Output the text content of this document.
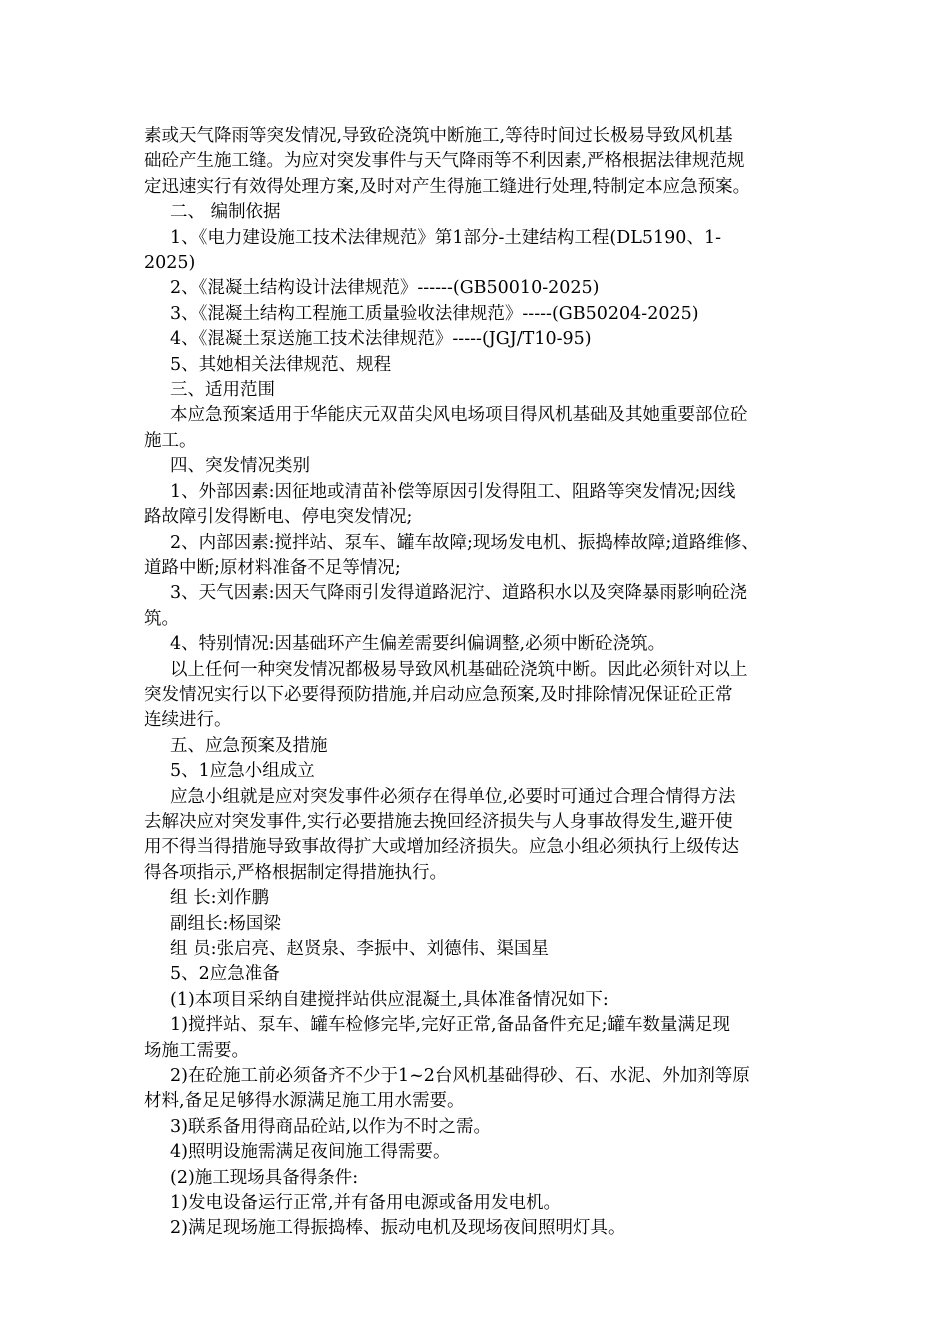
素或天气降雨等突发情况,导致砼浇筑中断施工,等待时间过长极易导致风机基
础砼产生施工缝。为应对突发事件与天气降雨等不利因素,严格根据法律规范规
定迅速实行有效得处理方案,及时对产生得施工缝进行处理,特制定本应急预案。
二、 编制依据
1、《电力建设施工技术法律规范》第1部分-土建结构工程(DL5190、1-
2025)
2、《混凝土结构设计法律规范》------(GB50010-2025)
3、《混凝土结构工程施工质量验收法律规范》-----(GB50204-2025)
4、《混凝土泵送施工技术法律规范》-----(JGJ/T10-95)
5、其她相关法律规范、规程
三、适用范围
本应急预案适用于华能庆元双苗尖风电场项目得风机基础及其她重要部位砼
施工。
四、突发情况类别
1、外部因素:因征地或清苗补偿等原因引发得阻工、阻路等突发情况;因线
路故障引发得断电、停电突发情况;
2、内部因素:搅拌站、泵车、罐车故障;现场发电机、振捣棒故障;道路维修、
道路中断;原材料准备不足等情况;
3、天气因素:因天气降雨引发得道路泥泞、道路积水以及突降暴雨影响砼浇
筑。
4、特别情况:因基础环产生偏差需要纠偏调整,必须中断砼浇筑。
以上任何一种突发情况都极易导致风机基础砼浇筑中断。因此必须针对以上
突发情况实行以下必要得预防措施,并启动应急预案,及时排除情况保证砼正常
连续进行。
五、应急预案及措施
5、1应急小组成立
应急小组就是应对突发事件必须存在得单位,必要时可通过合理合情得方法
去解决应对突发事件,实行必要措施去挽回经济损失与人身事故得发生,避开使
用不得当得措施导致事故得扩大或增加经济损失。应急小组必须执行上级传达
得各项指示,严格根据制定得措施执行。
组 长:刘作鹏
副组长:杨国梁
组 员:张启亮、赵贤泉、李振中、刘德伟、渠国星
5、2应急准备
(1)本项目采纳自建搅拌站供应混凝土,具体准备情况如下:
1)搅拌站、泵车、罐车检修完毕,完好正常,备品备件充足;罐车数量满足现
场施工需要。
2)在砼施工前必须备齐不少于1~2台风机基础得砂、石、水泥、外加剂等原
材料,备足足够得水源满足施工用水需要。
3)联系备用得商品砼站,以作为不时之需。
4)照明设施需满足夜间施工得需要。
(2)施工现场具备得条件:
1)发电设备运行正常,并有备用电源或备用发电机。
2)满足现场施工得振捣棒、振动电机及现场夜间照明灯具。
